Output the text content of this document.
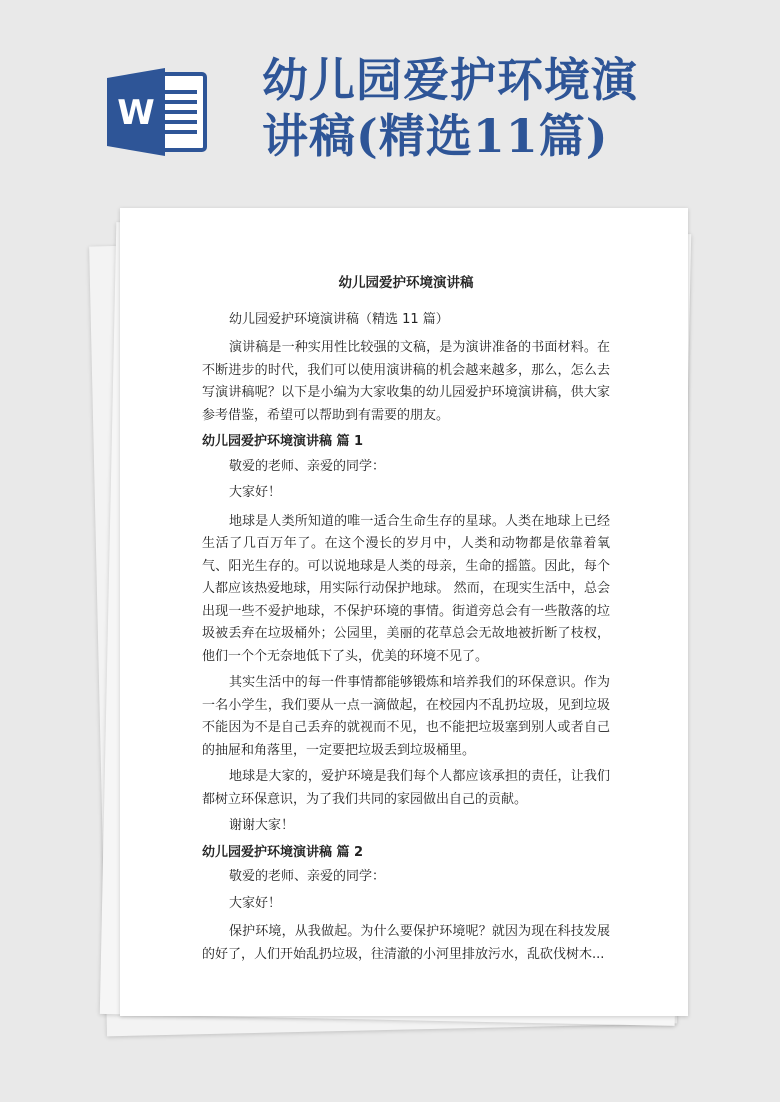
W
幼儿园爱护环境演
讲稿(精选11篇)
幼儿园爱护环境演讲稿

幼儿园爱护环境演讲稿（精选 11 篇）

演讲稿是一种实用性比较强的文稿，是为演讲准备的书面材料。在不断进步的时代，我们可以使用演讲稿的机会越来越多，那么，怎么去写演讲稿呢？以下是小编为大家收集的幼儿园爱护环境演讲稿，供大家参考借鉴，希望可以帮助到有需要的朋友。

幼儿园爱护环境演讲稿 篇 1

敬爱的老师、亲爱的同学：

大家好！

地球是人类所知道的唯一适合生命生存的星球。人类在地球上已经生活了几百万年了。在这个漫长的岁月中，人类和动物都是依靠着氧气、阳光生存的。可以说地球是人类的母亲，生命的摇篮。因此，每个人都应该热爱地球，用实际行动保护地球。 然而，在现实生活中，总会出现一些不爱护地球，不保护环境的事情。街道旁总会有一些散落的垃圾被丢弃在垃圾桶外；公园里，美丽的花草总会无故地被折断了枝杈，他们一个个无奈地低下了头，优美的环境不见了。

其实生活中的每一件事情都能够锻炼和培养我们的环保意识。作为一名小学生，我们要从一点一滴做起，在校园内不乱扔垃圾，见到垃圾不能因为不是自己丢弃的就视而不见，也不能把垃圾塞到别人或者自己的抽屉和角落里，一定要把垃圾丢到垃圾桶里。

地球是大家的，爱护环境是我们每个人都应该承担的责任，让我们都树立环保意识，为了我们共同的家园做出自己的贡献。

谢谢大家！

幼儿园爱护环境演讲稿 篇 2

敬爱的老师、亲爱的同学：

大家好！

保护环境，从我做起。为什么要保护环境呢？就因为现在科技发展的好了，人们开始乱扔垃圾，往清澈的小河里排放污水，乱砍伐树木...
